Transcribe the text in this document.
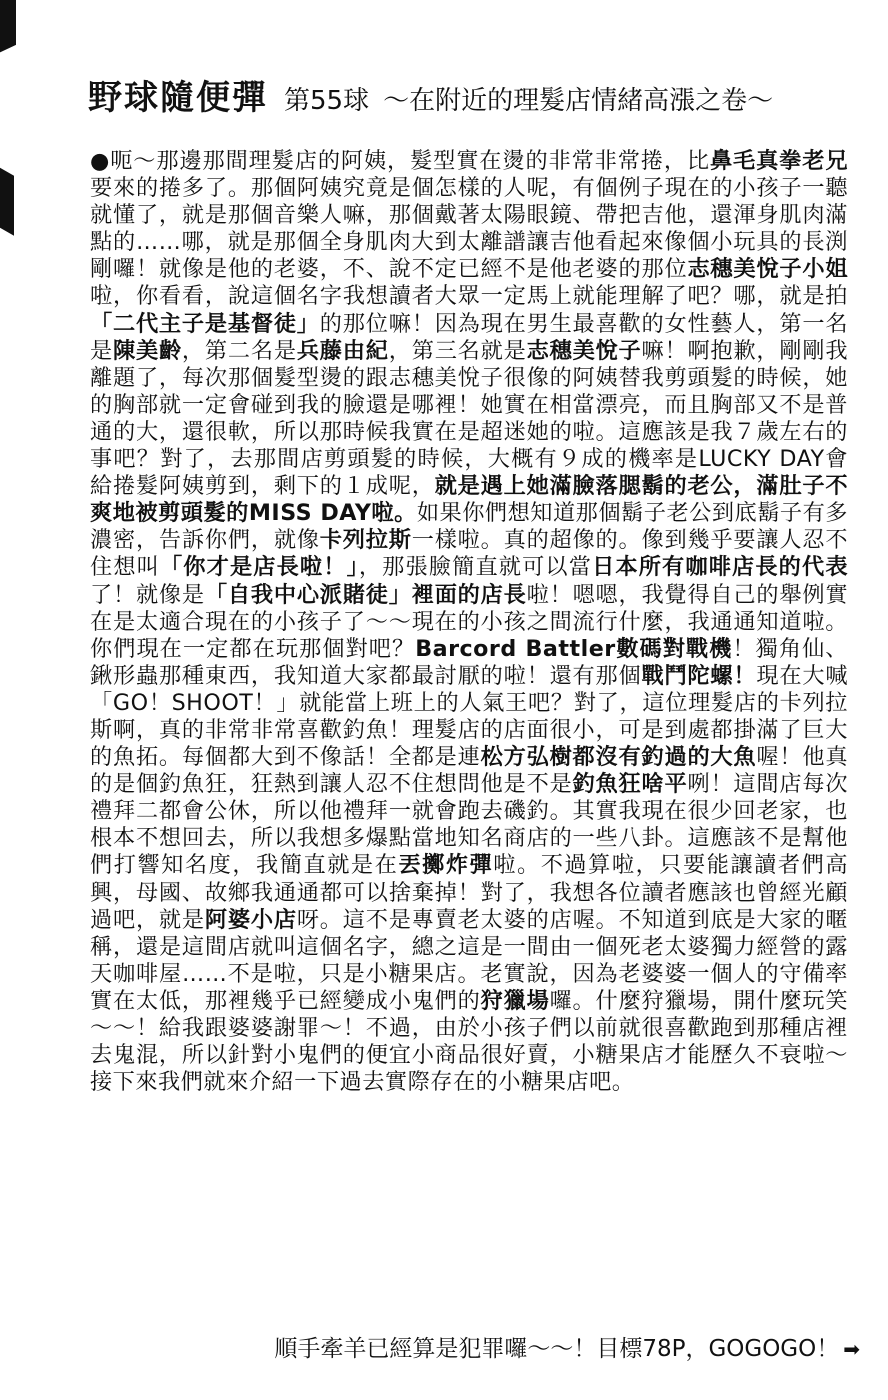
野球隨便彈 第55球 ～在附近的理髮店情緒高漲之卷～
●呃～那邊那間理髮店的阿姨，髮型實在燙的非常非常捲，比鼻毛真拳老兄要來的捲多了。那個阿姨究竟是個怎樣的人呢，有個例子現在的小孩子一聽就懂了，就是那個音樂人嘛，那個戴著太陽眼鏡、帶把吉他，還渾身肌肉滿點的……哪，就是那個全身肌肉大到太離譜讓吉他看起來像個小玩具的長渕剛囉！就像是他的老婆，不、說不定已經不是他老婆的那位志穗美悅子小姐啦，你看看，說這個名字我想讀者大眾一定馬上就能理解了吧？哪，就是拍「二代主子是基督徒」的那位嘛！因為現在男生最喜歡的女性藝人，第一名是陳美齡，第二名是兵藤由紀，第三名就是志穗美悅子嘛！啊抱歉，剛剛我離題了，每次那個髮型燙的跟志穗美悅子很像的阿姨替我剪頭髮的時候，她的胸部就一定會碰到我的臉還是哪裡！她實在相當漂亮，而且胸部又不是普通的大，還很軟，所以那時候我實在是超迷她的啦。這應該是我７歲左右的事吧？對了，去那間店剪頭髮的時候，大概有９成的機率是LUCKY DAY會給捲髮阿姨剪到，剩下的１成呢，就是遇上她滿臉落腮鬍的老公，滿肚子不爽地被剪頭髮的MISS DAY啦。如果你們想知道那個鬍子老公到底鬍子有多濃密，告訴你們，就像卡列拉斯一樣啦。真的超像的。像到幾乎要讓人忍不住想叫「你才是店長啦！」，那張臉簡直就可以當日本所有咖啡店長的代表了！就像是「自我中心派賭徒」裡面的店長啦！嗯嗯，我覺得自己的舉例實在是太適合現在的小孩子了～～現在的小孩之間流行什麼，我通通知道啦。你們現在一定都在玩那個對吧？Barcord Battler數碼對戰機！獨角仙、鍬形蟲那種東西，我知道大家都最討厭的啦！還有那個戰鬥陀螺！現在大喊「GO！SHOOT！」就能當上班上的人氣王吧？對了，這位理髮店的卡列拉斯啊，真的非常非常喜歡釣魚！理髮店的店面很小，可是到處都掛滿了巨大的魚拓。每個都大到不像話！全都是連松方弘樹都沒有釣過的大魚喔！他真的是個釣魚狂，狂熱到讓人忍不住想問他是不是釣魚狂啥平咧！這間店每次禮拜二都會公休，所以他禮拜一就會跑去磯釣。其實我現在很少回老家，也根本不想回去，所以我想多爆點當地知名商店的一些八卦。這應該不是幫他們打響知名度，我簡直就是在丟擲炸彈啦。不過算啦，只要能讓讀者們高興，母國、故鄉我通通都可以捨棄掉！對了，我想各位讀者應該也曾經光顧過吧，就是阿婆小店呀。這不是專賣老太婆的店喔。不知道到底是大家的暱稱，還是這間店就叫這個名字，總之這是一間由一個死老太婆獨力經營的露天咖啡屋……不是啦，只是小糖果店。老實說，因為老婆婆一個人的守備率實在太低，那裡幾乎已經變成小鬼們的狩獵場囉。什麼狩獵場，開什麼玩笑～～！給我跟婆婆謝罪～！不過，由於小孩子們以前就很喜歡跑到那種店裡去鬼混，所以針對小鬼們的便宜小商品很好賣，小糖果店才能歷久不衰啦～接下來我們就來介紹一下過去實際存在的小糖果店吧。
順手牽羊已經算是犯罪囉～～！目標78P，GOGOGO！ ➡
